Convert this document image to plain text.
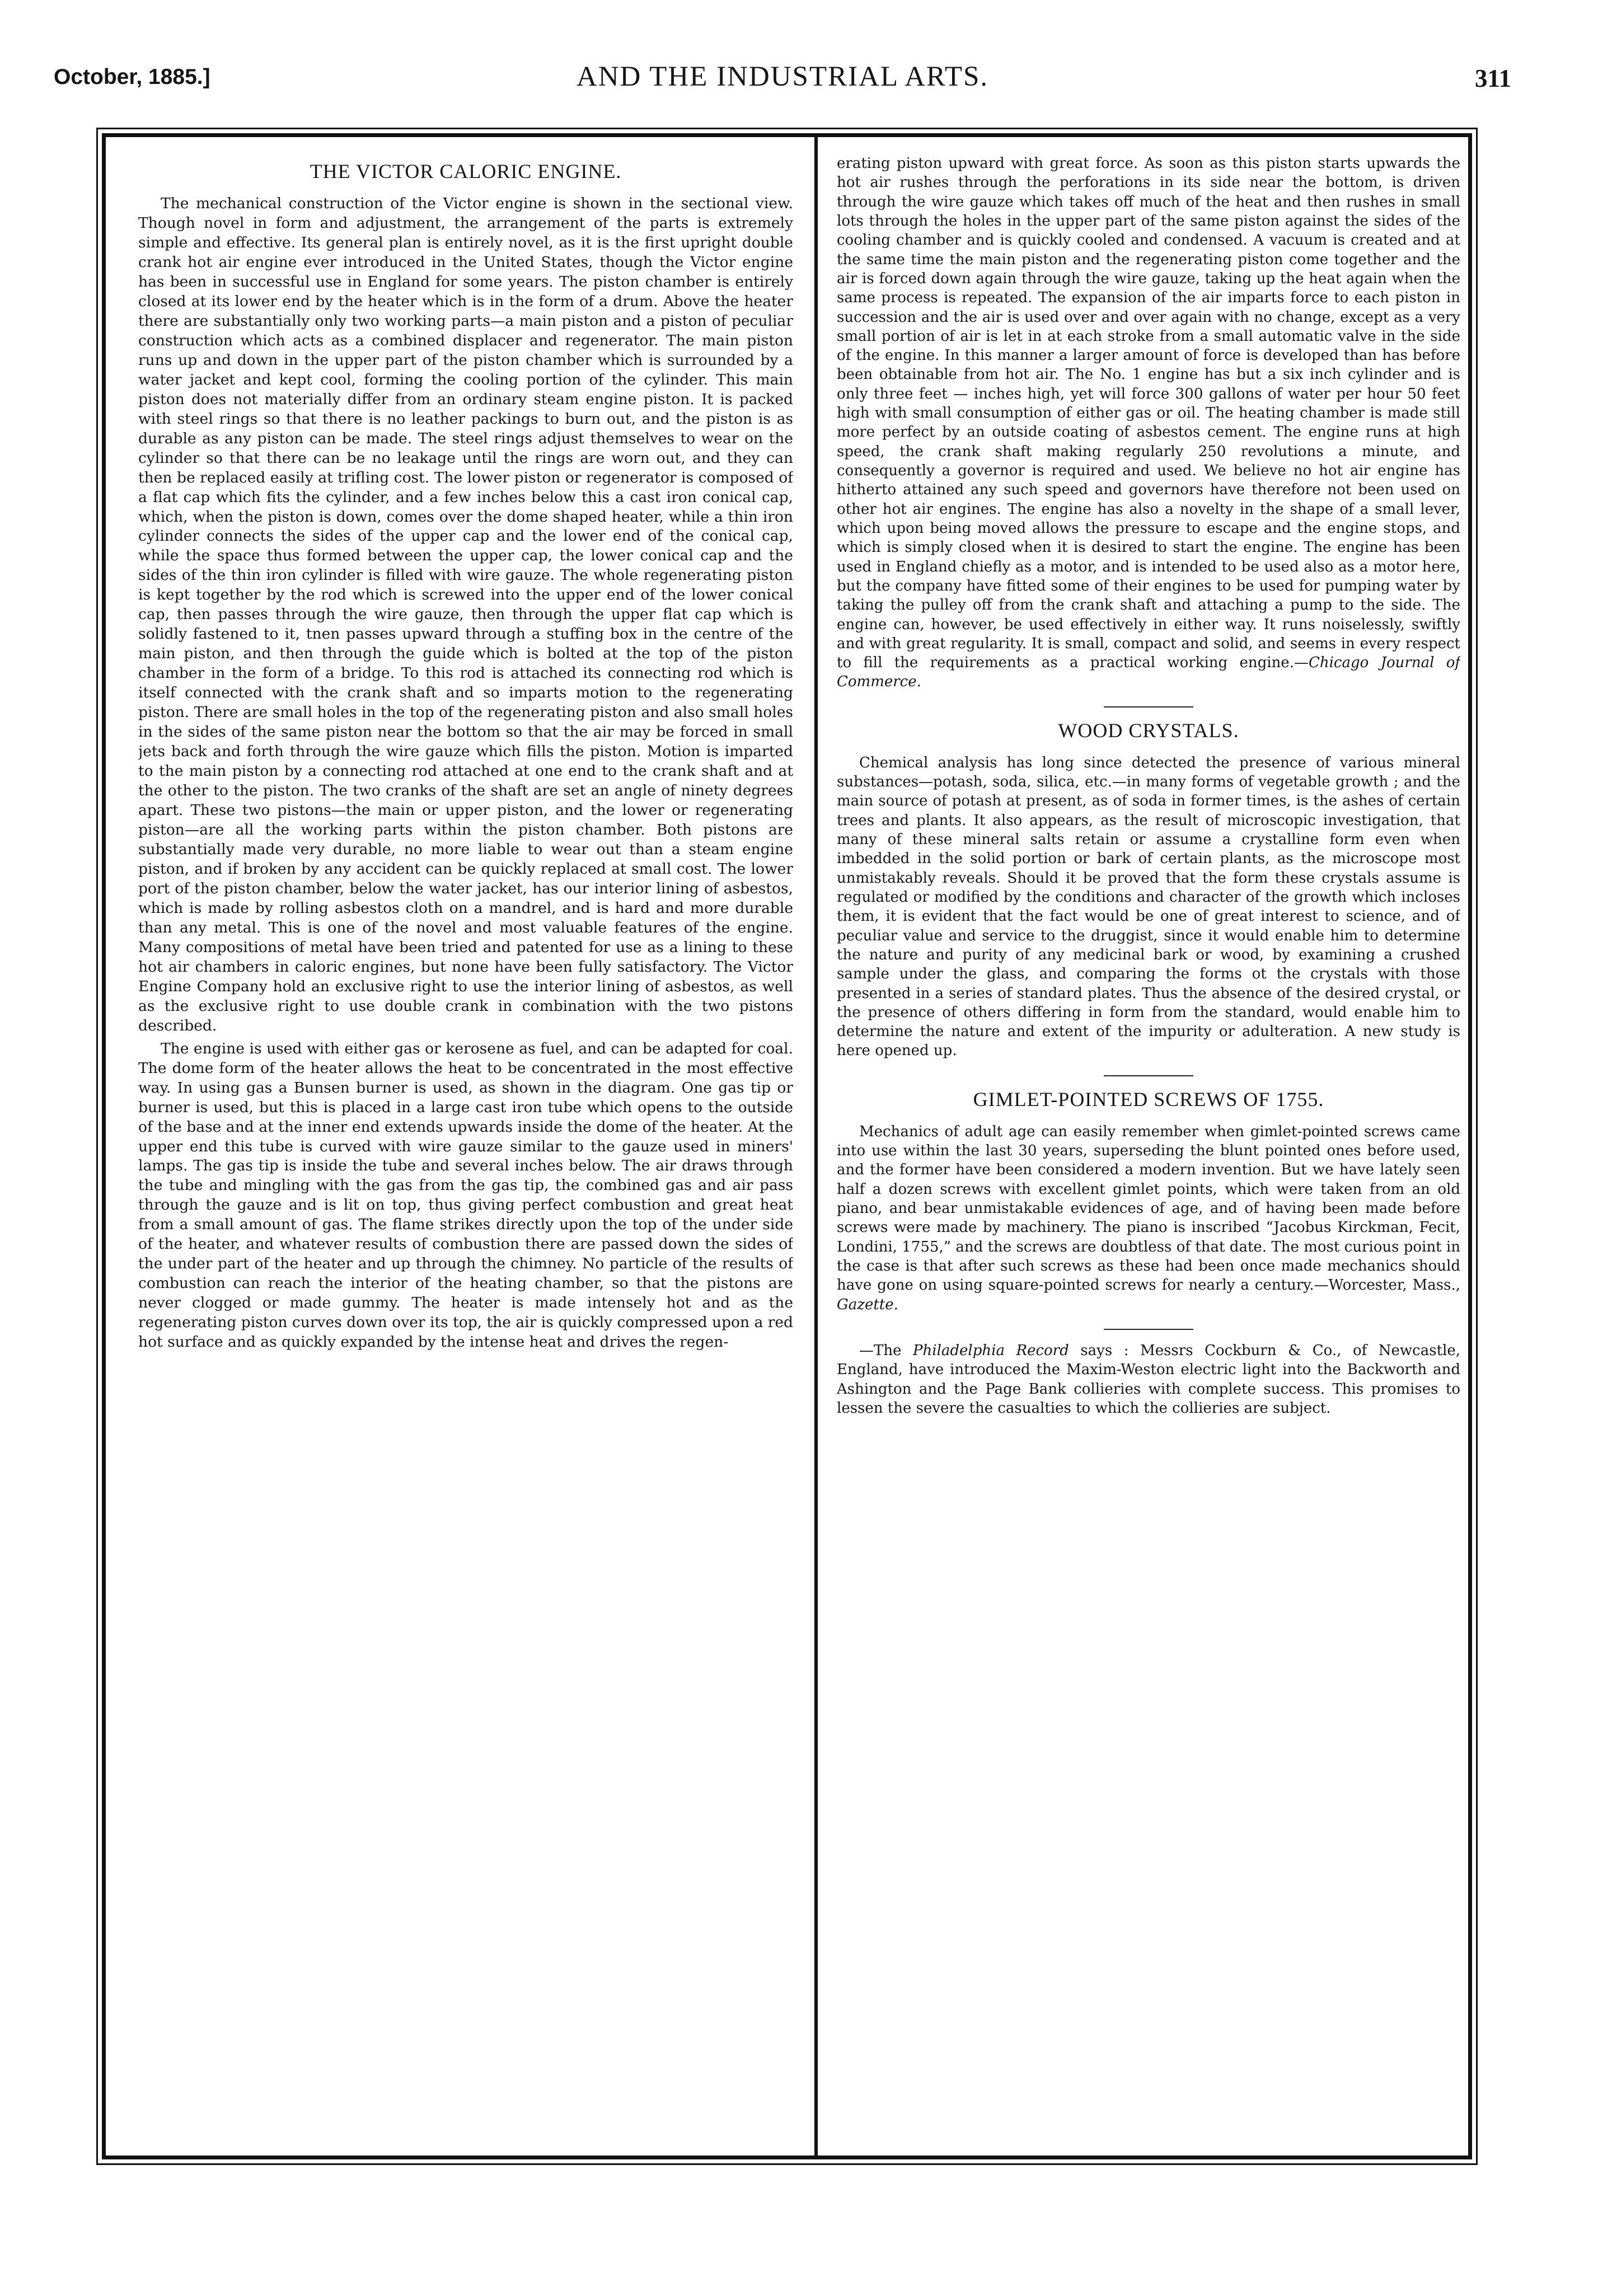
October, 1885.]	AND THE INDUSTRIAL ARTS.	311
THE VICTOR CALORIC ENGINE.

The mechanical construction of the Victor engine is shown in the sectional view. Though novel in form and adjustment, the arrangement of the parts is extremely simple and effective. Its general plan is entirely novel, as it is the first upright double crank hot air engine ever introduced in the United States, though the Victor engine has been in successful use in England for some years. The piston chamber is entirely closed at its lower end by the heater which is in the form of a drum. Above the heater there are substantially only two working parts—a main piston and a piston of peculiar construction which acts as a combined displacer and regenerator. The main piston runs up and down in the upper part of the piston chamber which is surrounded by a water jacket and kept cool, forming the cooling portion of the cylinder. This main piston does not materially differ from an ordinary steam engine piston. It is packed with steel rings so that there is no leather packings to burn out, and the piston is as durable as any piston can be made. The steel rings adjust themselves to wear on the cylinder so that there can be no leakage until the rings are worn out, and they can then be replaced easily at trifling cost. The lower piston or regenerator is composed of a flat cap which fits the cylinder, and a few inches below this a cast iron conical cap, which, when the piston is down, comes over the dome shaped heater, while a thin iron cylinder connects the sides of the upper cap and the lower end of the conical cap, while the space thus formed between the upper cap, the lower conical cap and the sides of the thin iron cylinder is filled with wire gauze. The whole regenerating piston is kept together by the rod which is screwed into the upper end of the lower conical cap, then passes through the wire gauze, then through the upper flat cap which is solidly fastened to it, tnen passes upward through a stuffing box in the centre of the main piston, and then through the guide which is bolted at the top of the piston chamber in the form of a bridge. To this rod is attached its connecting rod which is itself connected with the crank shaft and so imparts motion to the regenerating piston. There are small holes in the top of the regenerating piston and also small holes in the sides of the same piston near the bottom so that the air may be forced in small jets back and forth through the wire gauze which fills the piston. Motion is imparted to the main piston by a connecting rod attached at one end to the crank shaft and at the other to the piston. The two cranks of the shaft are set an angle of ninety degrees apart. These two pistons—the main or upper piston, and the lower or regenerating piston—are all the working parts within the piston chamber. Both pistons are substantially made very durable, no more liable to wear out than a steam engine piston, and if broken by any accident can be quickly replaced at small cost. The lower port of the piston chamber, below the water jacket, has our interior lining of asbestos, which is made by rolling asbestos cloth on a mandrel, and is hard and more durable than any metal. This is one of the novel and most valuable features of the engine. Many compositions of metal have been tried and patented for use as a lining to these hot air chambers in caloric engines, but none have been fully satisfactory. The Victor Engine Company hold an exclusive right to use the interior lining of asbestos, as well as the exclusive right to use double crank in combination with the two pistons described.

The engine is used with either gas or kerosene as fuel, and can be adapted for coal. The dome form of the heater allows the heat to be concentrated in the most effective way. In using gas a Bunsen burner is used, as shown in the diagram. One gas tip or burner is used, but this is placed in a large cast iron tube which opens to the outside of the base and at the inner end extends upwards inside the dome of the heater. At the upper end this tube is curved with wire gauze similar to the gauze used in miners' lamps. The gas tip is inside the tube and several inches below. The air draws through the tube and mingling with the gas from the gas tip, the combined gas and air pass through the gauze and is lit on top, thus giving perfect combustion and great heat from a small amount of gas. The flame strikes directly upon the top of the under side of the heater, and whatever results of combustion there are passed down the sides of the under part of the heater and up through the chimney. No particle of the results of combustion can reach the interior of the heating chamber, so that the pistons are never clogged or made gummy. The heater is made intensely hot and as the regenerating piston curves down over its top, the air is quickly compressed upon a red hot surface and as quickly expanded by the intense heat and drives the regen-

erating piston upward with great force. As soon as this piston starts upwards the hot air rushes through the perforations in its side near the bottom, is driven through the wire gauze which takes off much of the heat and then rushes in small lots through the holes in the upper part of the same piston against the sides of the cooling chamber and is quickly cooled and condensed. A vacuum is created and at the same time the main piston and the regenerating piston come together and the air is forced down again through the wire gauze, taking up the heat again when the same process is repeated. The expansion of the air imparts force to each piston in succession and the air is used over and over again with no change, except as a very small portion of air is let in at each stroke from a small automatic valve in the side of the engine. In this manner a larger amount of force is developed than has before been obtainable from hot air. The No. 1 engine has but a six inch cylinder and is only three feet — inches high, yet will force 300 gallons of water per hour 50 feet high with small consumption of either gas or oil. The heating chamber is made still more perfect by an outside coating of asbestos cement. The engine runs at high speed, the crank shaft making regularly 250 revolutions a minute, and consequently a governor is required and used. We believe no hot air engine has hitherto attained any such speed and governors have therefore not been used on other hot air engines. The engine has also a novelty in the shape of a small lever, which upon being moved allows the pressure to escape and the engine stops, and which is simply closed when it is desired to start the engine. The engine has been used in England chiefly as a motor, and is intended to be used also as a motor here, but the company have fitted some of their engines to be used for pumping water by taking the pulley off from the crank shaft and attaching a pump to the side. The engine can, however, be used effectively in either way. It runs noiselessly, swiftly and with great regularity. It is small, compact and solid, and seems in every respect to fill the requirements as a practical working engine.—Chicago Journal of Commerce.

WOOD CRYSTALS.

Chemical analysis has long since detected the presence of various mineral substances—potash, soda, silica, etc.—in many forms of vegetable growth ; and the main source of potash at present, as of soda in former times, is the ashes of certain trees and plants. It also appears, as the result of microscopic investigation, that many of these mineral salts retain or assume a crystalline form even when imbedded in the solid portion or bark of certain plants, as the microscope most unmistakably reveals. Should it be proved that the form these crystals assume is regulated or modified by the conditions and character of the growth which incloses them, it is evident that the fact would be one of great interest to science, and of peculiar value and service to the druggist, since it would enable him to determine the nature and purity of any medicinal bark or wood, by examining a crushed sample under the glass, and comparing the forms ot the crystals with those presented in a series of standard plates. Thus the absence of the desired crystal, or the presence of others differing in form from the standard, would enable him to determine the nature and extent of the impurity or adulteration. A new study is here opened up.

GIMLET-POINTED SCREWS OF 1755.

Mechanics of adult age can easily remember when gimlet-pointed screws came into use within the last 30 years, superseding the blunt pointed ones before used, and the former have been considered a modern invention. But we have lately seen half a dozen screws with excellent gimlet points, which were taken from an old piano, and bear unmistakable evidences of age, and of having been made before screws were made by machinery. The piano is inscribed “Jacobus Kirckman, Fecit, Londini, 1755,” and the screws are doubtless of that date. The most curious point in the case is that after such screws as these had been once made mechanics should have gone on using square-pointed screws for nearly a century.—Worcester, Mass., Gazette.

—The Philadelphia Record says : Messrs Cockburn & Co., of Newcastle, England, have introduced the Maxim-Weston electric light into the Backworth and Ashington and the Page Bank collieries with complete success. This promises to lessen the severe the casualties to which the collieries are subject.
